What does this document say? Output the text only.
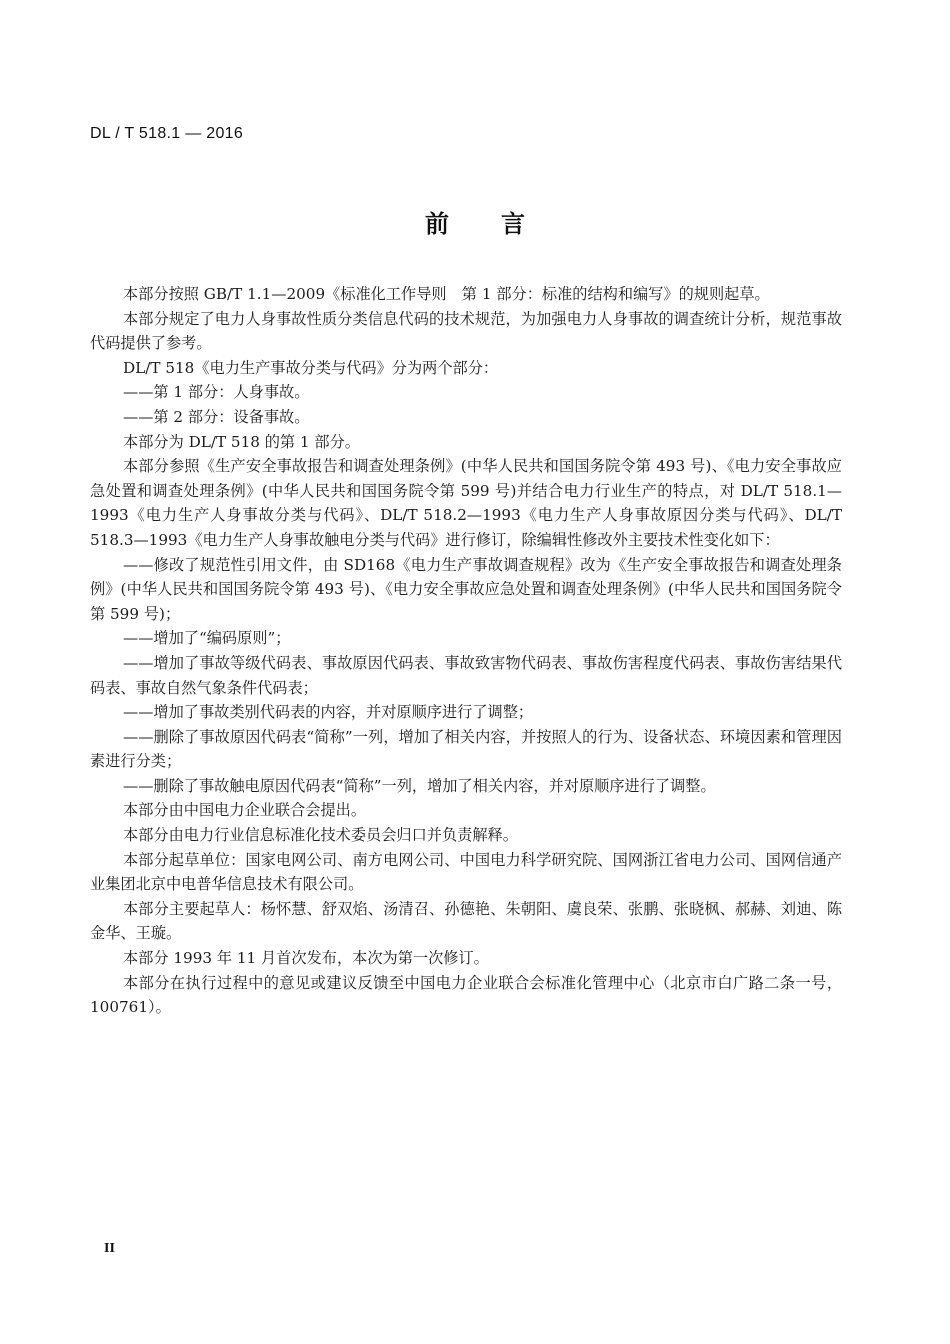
DL / T 518.1 — 2016
前言

本部分按照 GB/T 1.1—2009《标准化工作导则　第 1 部分：标准的结构和编写》的规则起草。

本部分规定了电力人身事故性质分类信息代码的技术规范，为加强电力人身事故的调查统计分析，规范事故代码提供了参考。

DL/T 518《电力生产事故分类与代码》分为两个部分：

——第 1 部分：人身事故。

——第 2 部分：设备事故。

本部分为 DL/T 518 的第 1 部分。

本部分参照《生产安全事故报告和调查处理条例》(中华人民共和国国务院令第 493 号)、《电力安全事故应急处置和调查处理条例》(中华人民共和国国务院令第 599 号)并结合电力行业生产的特点，对 DL/T 518.1—1993《电力生产人身事故分类与代码》、DL/T 518.2—1993《电力生产人身事故原因分类与代码》、DL/T 518.3—1993《电力生产人身事故触电分类与代码》进行修订，除编辑性修改外主要技术性变化如下：

——修改了规范性引用文件，由 SD168《电力生产事故调查规程》改为《生产安全事故报告和调查处理条例》(中华人民共和国国务院令第 493 号)、《电力安全事故应急处置和调查处理条例》(中华人民共和国国务院令第 599 号)；

——增加了“编码原则”；

——增加了事故等级代码表、事故原因代码表、事故致害物代码表、事故伤害程度代码表、事故伤害结果代码表、事故自然气象条件代码表；

——增加了事故类别代码表的内容，并对原顺序进行了调整；

——删除了事故原因代码表“简称”一列，增加了相关内容，并按照人的行为、设备状态、环境因素和管理因素进行分类；

——删除了事故触电原因代码表“简称”一列，增加了相关内容，并对原顺序进行了调整。

本部分由中国电力企业联合会提出。

本部分由电力行业信息标准化技术委员会归口并负责解释。

本部分起草单位：国家电网公司、南方电网公司、中国电力科学研究院、国网浙江省电力公司、国网信通产业集团北京中电普华信息技术有限公司。

本部分主要起草人：杨怀慧、舒双焰、汤清召、孙德艳、朱朝阳、虞良荣、张鹏、张晓枫、郝赫、刘迪、陈金华、王璇。

本部分 1993 年 11 月首次发布，本次为第一次修订。

本部分在执行过程中的意见或建议反馈至中国电力企业联合会标准化管理中心（北京市白广路二条一号，100761）。

II
